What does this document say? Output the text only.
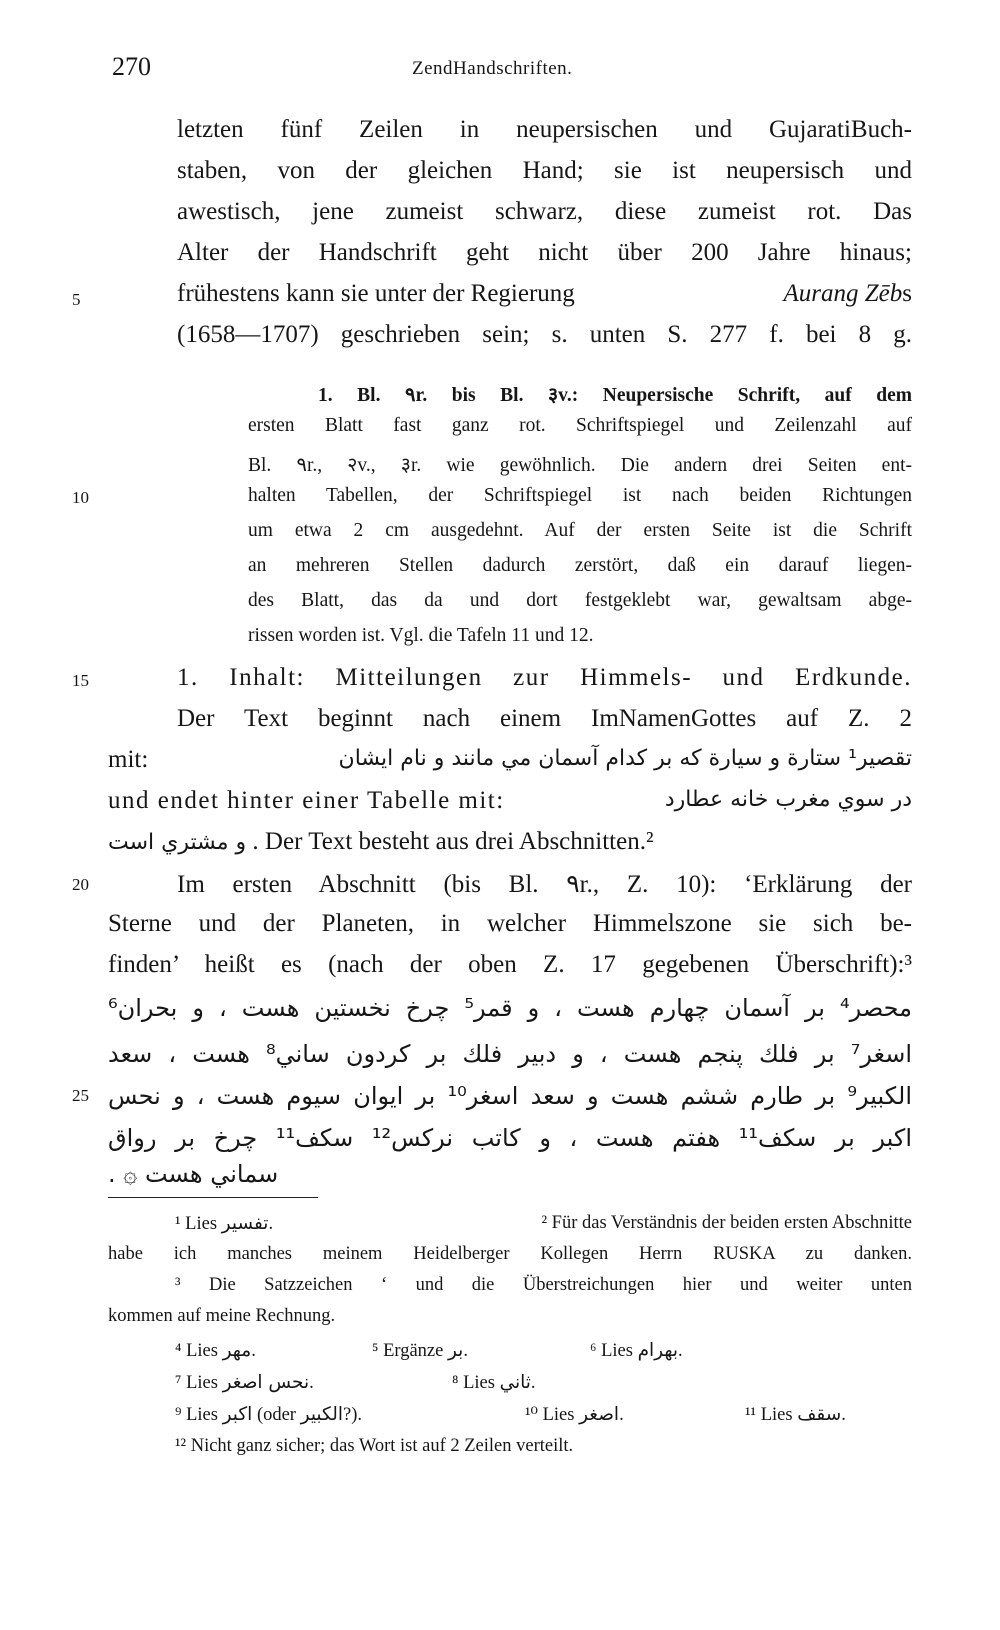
270	ZendHandschriften.
5
10
15
20
25
letzten fünf Zeilen in neupersischen und GujaratiBuch-
staben, von der gleichen Hand; sie ist neupersisch und
awestisch, jene zumeist schwarz, diese zumeist rot. Das
Alter der Handschrift geht nicht über 200 Jahre hinaus;
frühestens kann sie unter der Regierung	Aurang Zēbs
(1658—1707) geschrieben sein; s. unten S. 277 f. bei 8 g.
1. Bl. ۹r. bis Bl. ३v.: Neupersische Schrift, auf dem
ersten Blatt fast ganz rot. Schriftspiegel und Zeilenzahl auf
Bl. ۹r., २v., ३r. wie gewöhnlich. Die andern drei Seiten ent-
halten Tabellen, der Schriftspiegel ist nach beiden Richtungen
um etwa 2 cm ausgedehnt. Auf der ersten Seite ist die Schrift
an mehreren Stellen dadurch zerstört, daß ein darauf liegen-
des Blatt, das da und dort festgeklebt war, gewaltsam abge-
rissen worden ist. Vgl. die Tafeln 11 und 12.
1. Inhalt: Mitteilungen zur Himmels- und Erdkunde.
Der Text beginnt nach einem ImNamenGottes auf Z. 2
mit:	تقصير¹ ستارة و سيارة كه بر كدام آسمان مي مانند و نام ايشان
und endet hinter einer Tabelle mit:	در سوي مغرب خانه عطارد
و مشتري است . Der Text besteht aus drei Abschnitten.²
Im ersten Abschnitt (bis Bl. ۹r., Z. 10): ‘Erklärung der
Sterne und der Planeten, in welcher Himmelszone sie sich be-
finden’ heißt es (nach der oben Z. 17 gegebenen Überschrift):³
محصر⁴ بر آسمان چهارم هست ، و قمر⁵ چرخ نخستين هست ، و بحران⁶
اسغر⁷ بر فلك پنجم هست ، و دبير فلك بر كردون ساني⁸ هست ، سعد
الكبير⁹ بر طارم ششم هست و سعد اسغر¹⁰ بر ايوان سيوم هست ، و نحس
اكبر بر سكف¹¹ هفتم هست ، و كاتب نركس¹² سكف¹¹ چرخ بر رواق
سماني هست ۞ .
¹ Lies تفسير.	² Für das Verständnis der beiden ersten Abschnitte
habe ich manches meinem Heidelberger Kollegen Herrn RUSKA zu danken.
³ Die Satzzeichen ‘ und die Überstreichungen hier und weiter unten
kommen auf meine Rechnung.
⁴ Lies مهر.	⁵ Ergänze بر.	⁶ Lies بهرام.
⁷ Lies نحس اصغر.	⁸ Lies ثاني.
⁹ Lies اكبر (oder الكبير?).	¹⁰ Lies اصغر.	¹¹ Lies سقف.
¹² Nicht ganz sicher; das Wort ist auf 2 Zeilen verteilt.
